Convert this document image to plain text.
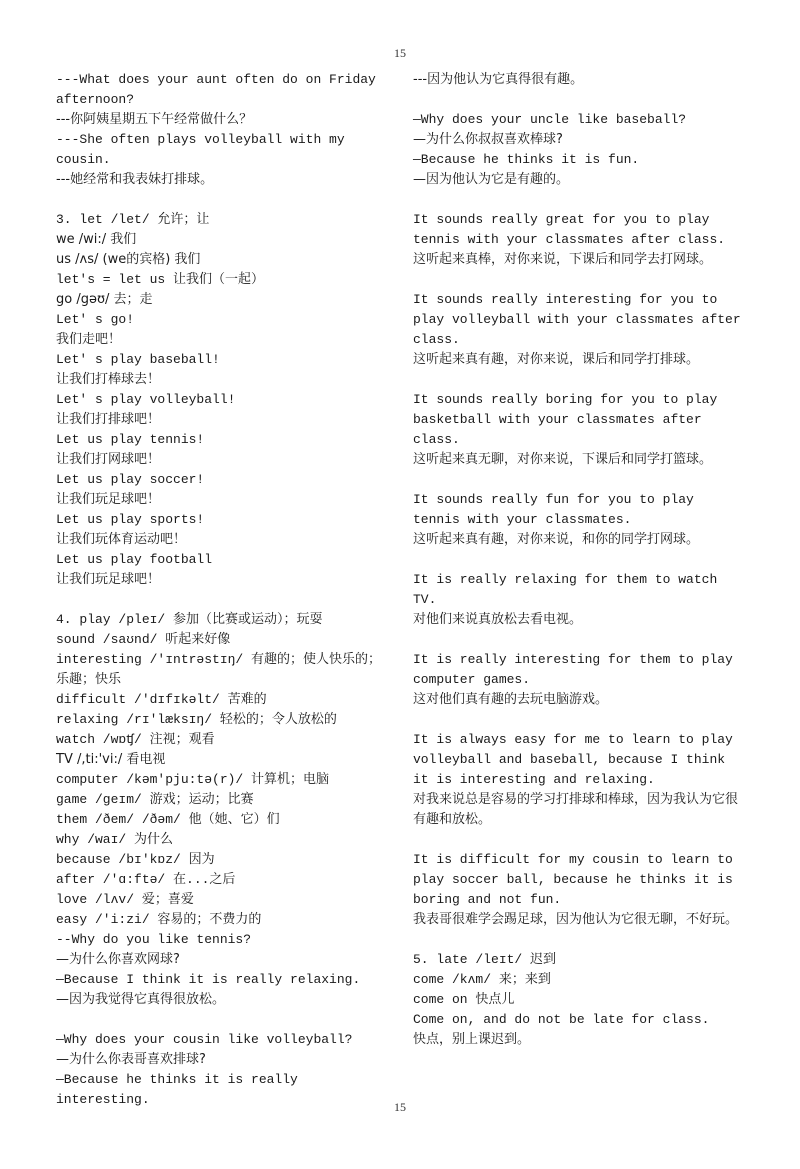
15
---What does your aunt often do on Friday afternoon?
---你阿姨星期五下午经常做什么？
---She often plays volleyball with my cousin.
---她经常和我表妹打排球。
3. let /let/ 允许；让
we /wi:/ 我们
us /ʌs/ (we的宾格) 我们
let's = let us 让我们（一起）
go /gəʊ/ 去；走
Let' s go!
我们走吧！
Let' s play baseball!
让我们打棒球去！
Let' s play volleyball!
让我们打排球吧！
Let us play tennis!
让我们打网球吧！
Let us play soccer!
让我们玩足球吧！
Let us play sports!
让我们玩体育运动吧！
Let us play football
让我们玩足球吧！
4. play /pleɪ/ 参加（比赛或运动）；玩耍
sound /saʊnd/ 听起来好像
interesting /'ɪntrəstɪŋ/ 有趣的；使人快乐的；乐趣；快乐
difficult /'dɪfɪkəlt/ 苦难的
relaxing /rɪ'læksɪŋ/ 轻松的；令人放松的
watch /wɒʧ/ 注视；观看
TV /,ti:'vi:/ 看电视
computer /kəm'pju:tə(r)/ 计算机；电脑
game /geɪm/ 游戏；运动；比赛
them /ðem/ /ðəm/ 他（她、它）们
why /waɪ/ 为什么
because /bɪ'kɒz/ 因为
after /'ɑ:ftə/ 在...之后
love /lʌv/ 爱；喜爱
easy /'i:zi/ 容易的；不费力的
--Why do you like tennis?
—为什么你喜欢网球?
—Because I think it is really relaxing.
—因为我觉得它真得很放松。
—Why does your cousin like volleyball?
—为什么你表哥喜欢排球?
—Because he thinks it is really interesting.
---因为他认为它真得很有趣。
—Why does your uncle like baseball?
—为什么你叔叔喜欢棒球?
—Because he thinks it is fun.
—因为他认为它是有趣的。
It sounds really great for you to play tennis with your classmates after class.
这听起来真棒，对你来说，下课后和同学去打网球。
It sounds really interesting for you to play volleyball with your classmates after class.
这听起来真有趣，对你来说，课后和同学打排球。
It sounds really boring for you to play basketball with your classmates after class.
这听起来真无聊，对你来说，下课后和同学打篮球。
It sounds really fun for you to play tennis with your classmates.
这听起来真有趣，对你来说，和你的同学打网球。
It is really relaxing for them to watch TV.
对他们来说真放松去看电视。
It is really interesting for them to play computer games.
这对他们真有趣的去玩电脑游戏。
It is always easy for me to learn to play volleyball and baseball, because I think it is interesting and relaxing.
对我来说总是容易的学习打排球和棒球，因为我认为它很有趣和放松。
It is difficult for my cousin to learn to play soccer ball, because he thinks it is boring and not fun.
我表哥很难学会踢足球，因为他认为它很无聊，不好玩。
5. late /leɪt/ 迟到
come /kʌm/ 来；来到
come on 快点儿
Come on, and do not be late for class.
快点，别上课迟到。
15
